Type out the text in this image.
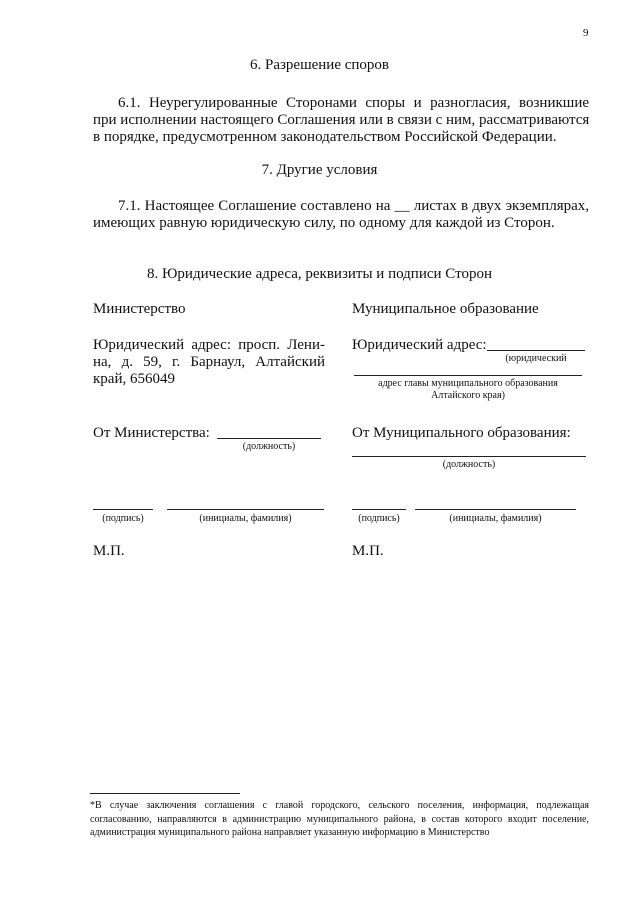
9
6. Разрешение споров
6.1. Неурегулированные Сторонами споры и разногласия, возникшие
при исполнении настоящего Соглашения или в связи с ним, рассматриваются
в порядке, предусмотренном законодательством Российской Федерации.
7. Другие условия
7.1. Настоящее Соглашение составлено на __ листах в двух экземплярах,
имеющих равную юридическую силу, по одному для каждой из Сторон.
8. Юридические адреса, реквизиты и подписи Сторон
Министерство
Юридический адрес: просп. Лени-
на, д. 59, г. Барнаул, Алтайский
край, 656049
От Министерства:
(должность)
(подпись)	(инициалы, фамилия)
М.П.
Муниципальное образование
Юридический адрес:
(юридический
адрес главы муниципального образования
Алтайского края)
От Муниципального образования:
(должность)
(подпись)	(инициалы, фамилия)
М.П.
*В случае заключения соглашения с главой городского, сельского поселения, информация, подлежащая согласованию, направляются в администрацию муниципального района, в состав которого входит поселение, администрация муниципального района направляет указанную информацию в Министерство
